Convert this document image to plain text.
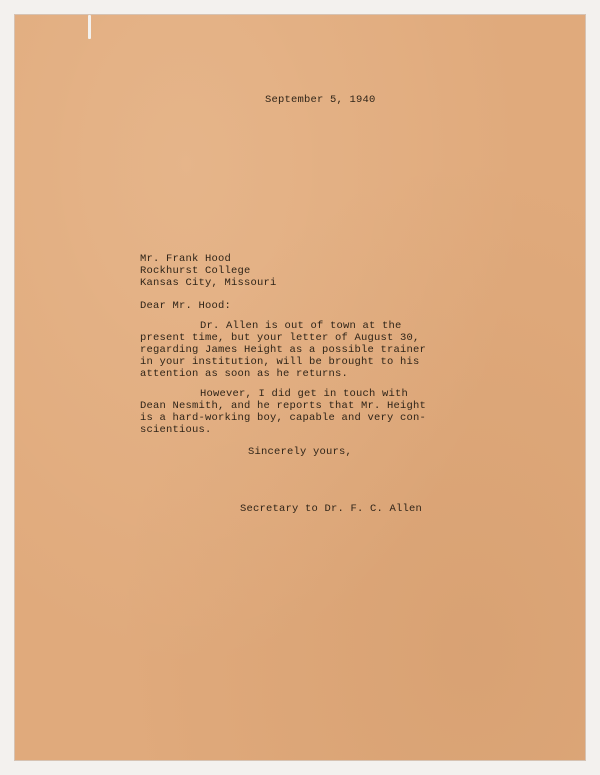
September 5, 1940

Mr. Frank Hood

Rockhurst College

Kansas City, Missouri

Dear Mr. Hood:

Dr. Allen is out of town at the

present time, but your letter of August 30,

regarding James Height as a possible trainer

in your institution, will be brought to his

attention as soon as he returns.

However, I did get in touch with

Dean Nesmith, and he reports that Mr. Height

is a hard-working boy, capable and very con-

scientious.

Sincerely yours,

Secretary to Dr. F. C. Allen
